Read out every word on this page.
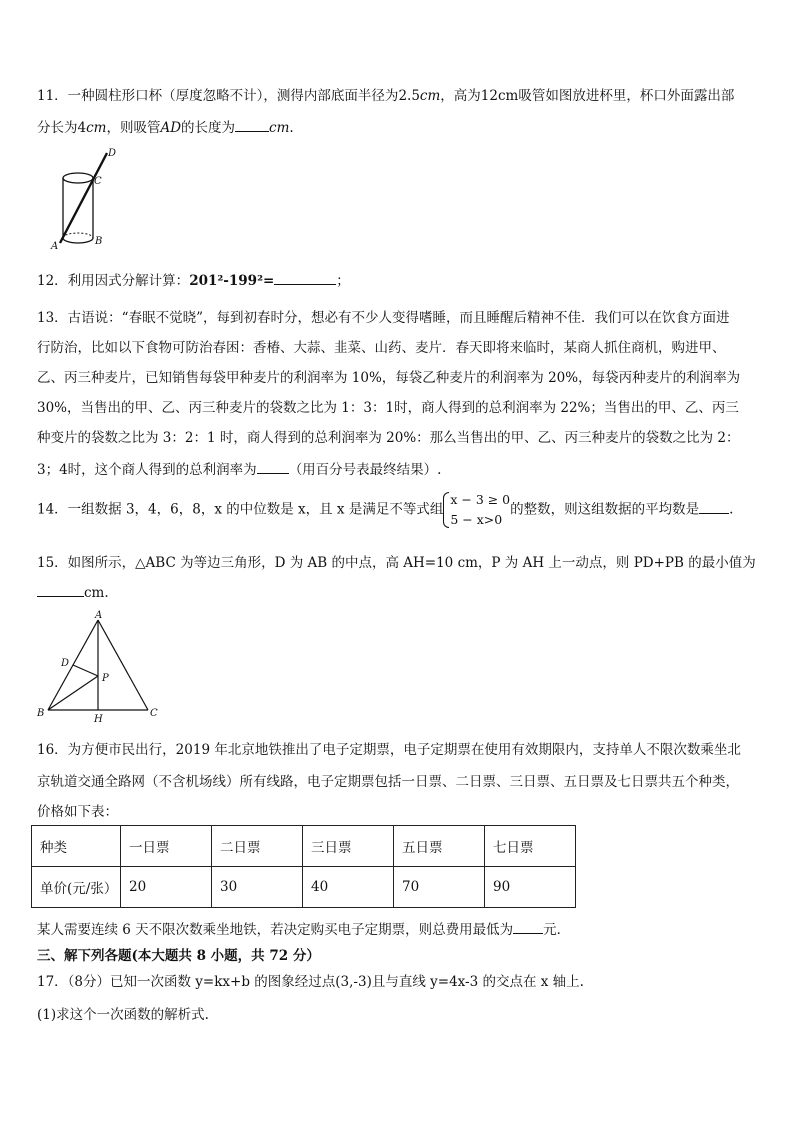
11．一种圆柱形口杯（厚度忽略不计），测得内部底面半径为2.5cm，高为12cm吸管如图放进杯里，杯口外面露出部
分长为4cm，则吸管AD的长度为	cm.
D
C
A	B
12．利用因式分解计算：201²-199²=	；
13．古语说：“春眠不觉晓”，每到初春时分，想必有不少人变得嗜睡，而且睡醒后精神不佳．我们可以在饮食方面进
行防治，比如以下食物可防治春困：香椿、大蒜、韭菜、山药、麦片．春天即将来临时，某商人抓住商机，购进甲、
乙、丙三种麦片，已知销售每袋甲种麦片的利润率为 10%，每袋乙种麦片的利润率为 20%，每袋丙种麦片的利润率为
30%，当售出的甲、乙、丙三种麦片的袋数之比为 1：3：1时，商人得到的总利润率为 22%；当售出的甲、乙、丙三
种变片的袋数之比为 3：2：1 时，商人得到的总利润率为 20%：那么当售出的甲、乙、丙三种麦片的袋数之比为 2：
3；4时，这个商人得到的总利润率为 （用百分号表最终结果）.
14．一组数据 3，4，6，8，x 的中位数是 x，且 x 是满足不等式组
x − 3 ≥ 0
5 − x>0
的整数，则这组数据的平均数是 .
15．如图所示，△ABC 为等边三角形，D 为 AB 的中点，高 AH=10 cm，P 为 AH 上一动点，则 PD+PB 的最小值为
cm.
A
D
P
B
H
C
16．为方便市民出行，2019 年北京地铁推出了电子定期票，电子定期票在使用有效期限内，支持单人不限次数乘坐北
京轨道交通全路网（不含机场线）所有线路，电子定期票包括一日票、二日票、三日票、五日票及七日票共五个种类，
价格如下表：
种类	一日票	二日票	三日票	五日票	七日票
单价(元/张）	20	30	40	70	90
某人需要连续 6 天不限次数乘坐地铁，若决定购买电子定期票，则总费用最低为 元．
三、解下列各题(本大题共 8 小题，共 72 分）
17．（8分）已知一次函数 y=kx+b 的图象经过点(3,-3)且与直线 y=4x-3 的交点在 x 轴上.
(1)求这个一次函数的解析式.
